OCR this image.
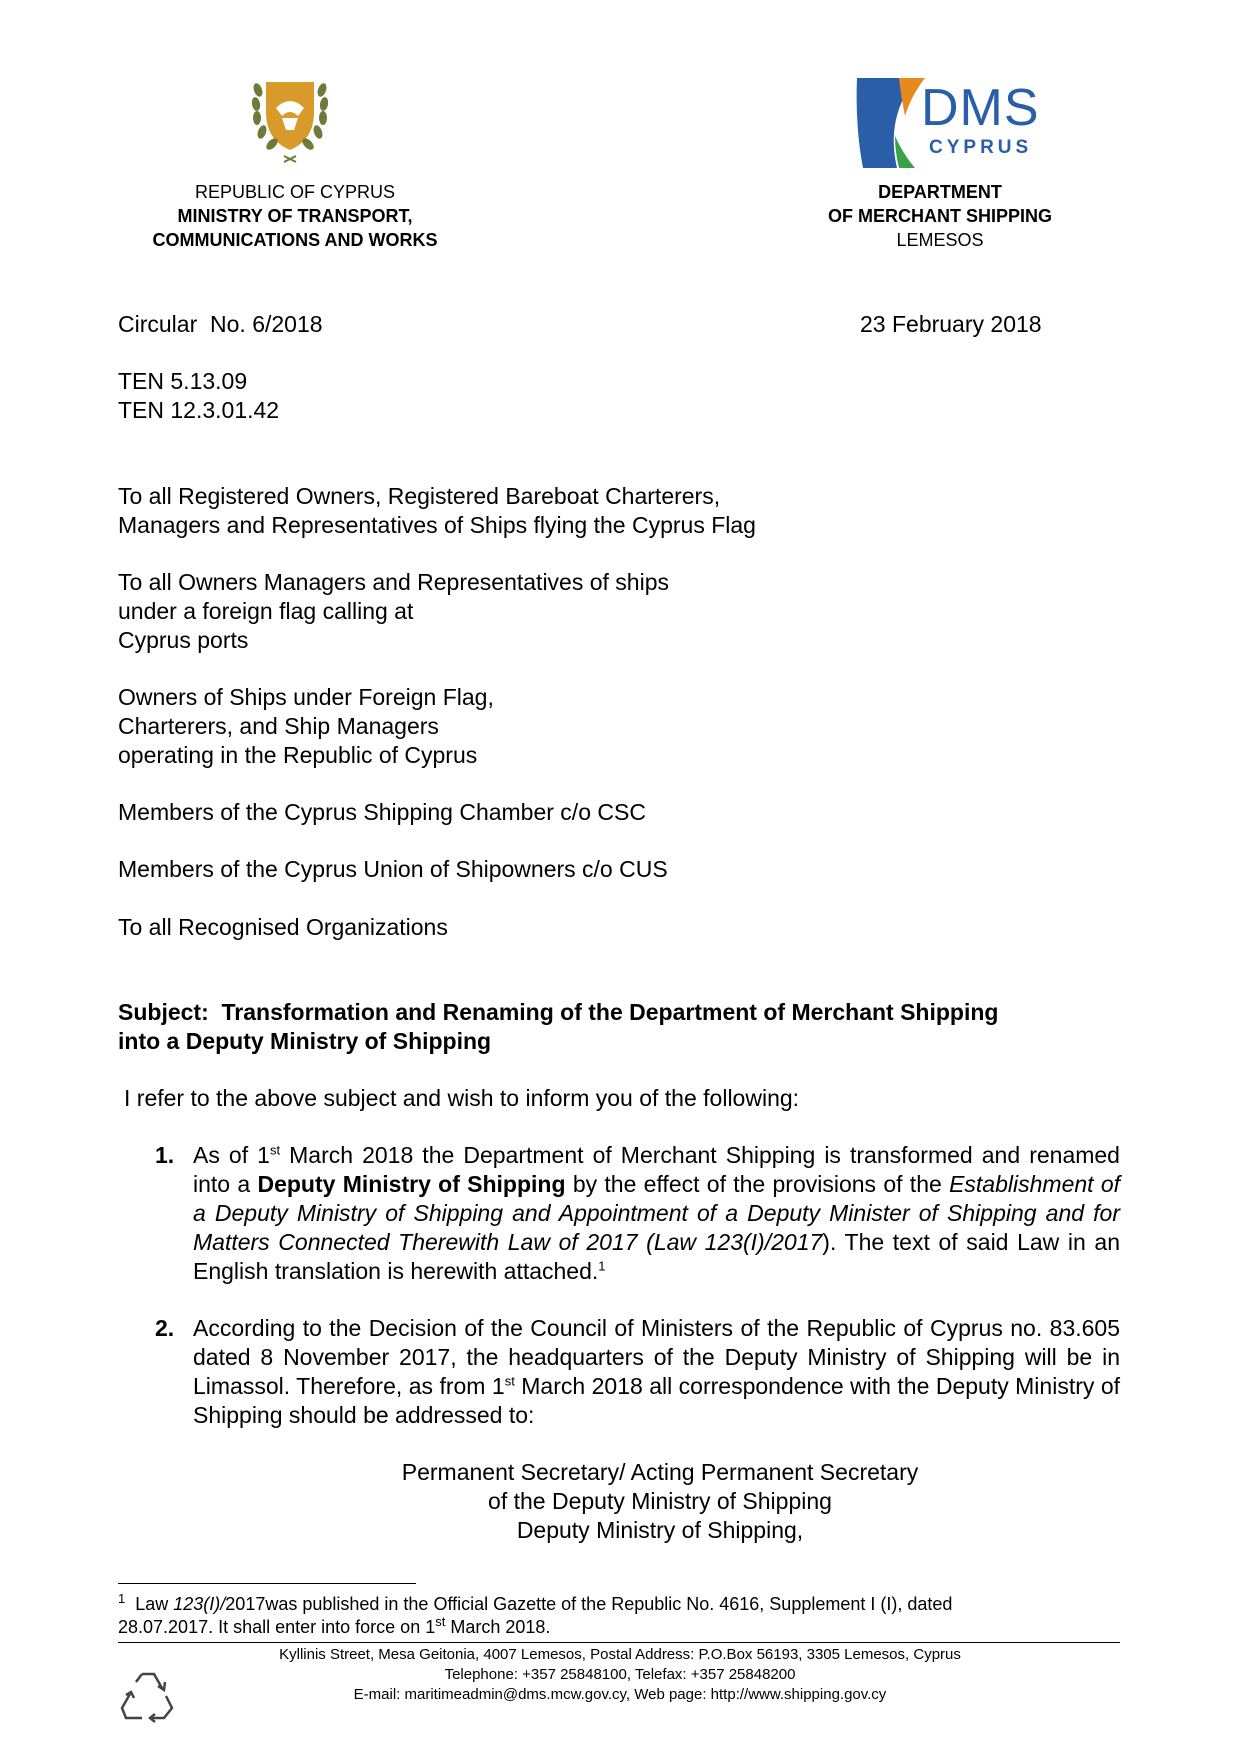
REPUBLIC OF CYPRUS
MINISTRY OF TRANSPORT,
COMMUNICATIONS AND WORKS
DMS
CYPRUS
DEPARTMENT
OF MERCHANT SHIPPING
LEMESOS
Circular  No. 6/2018	23 February 2018
TEN 5.13.09
TEN 12.3.01.42
To all Registered Owners, Registered Bareboat Charterers,
Managers and Representatives of Ships flying the Cyprus Flag
To all Owners Managers and Representatives of ships
under a foreign flag calling at
Cyprus ports
Owners of Ships under Foreign Flag,
Charterers, and Ship Managers
operating in the Republic of Cyprus
Members of the Cyprus Shipping Chamber c/o CSC
Members of the Cyprus Union of Shipowners c/o CUS
To all Recognised Organizations
Subject:  Transformation and Renaming of the Department of Merchant Shipping
into a Deputy Ministry of Shipping
I refer to the above subject and wish to inform you of the following:
1. As of 1st March 2018 the Department of Merchant Shipping is transformed and renamed into a Deputy Ministry of Shipping by the effect of the provisions of the Establishment of a Deputy Ministry of Shipping and Appointment of a Deputy Minister of Shipping and for Matters Connected Therewith Law of 2017 (Law 123(I)/2017). The text of said Law in an English translation is herewith attached.$^1$
2. According to the Decision of the Council of Ministers of the Republic of Cyprus no. 83.605 dated 8 November 2017, the headquarters of the Deputy Ministry of Shipping will be in Limassol. Therefore, as from 1st March 2018 all correspondence with the Deputy Ministry of Shipping should be addressed to:
Permanent Secretary/ Acting Permanent Secretary
of the Deputy Ministry of Shipping
Deputy Ministry of Shipping,
$^1$  Law 123(I)/2017was published in the Official Gazette of the Republic No. 4616, Supplement I (I), dated
28.07.2017. It shall enter into force on 1st March 2018.
Kyllinis Street, Mesa Geitonia, 4007 Lemesos, Postal Address: P.O.Box 56193, 3305 Lemesos, Cyprus
Telephone: +357 25848100, Telefax: +357 25848200
E-mail: maritimeadmin@dms.mcw.gov.cy, Web page: http://www.shipping.gov.cy
